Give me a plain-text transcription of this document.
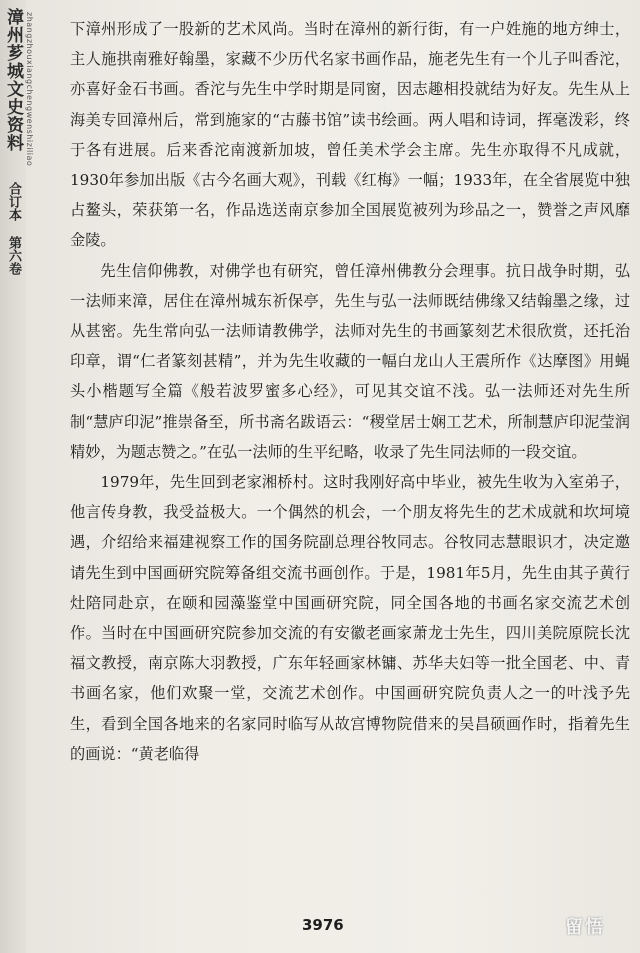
漳州芗城文史资料 zhangzhouxiangchengwenshiziliao
合订本 第六卷

下漳州形成了一股新的艺术风尚。当时在漳州的新行街，有一户姓施的地方绅士，主人施拱南雅好翰墨，家藏不少历代名家书画作品，施老先生有一个儿子叫香沱，亦喜好金石书画。香沱与先生中学时期是同窗，因志趣相投就结为好友。先生从上海美专回漳州后，常到施家的“古藤书馆”读书绘画。两人唱和诗词，挥毫泼彩，终于各有进展。后来香沱南渡新加坡，曾任美术学会主席。先生亦取得不凡成就，1930年参加出版《古今名画大观》，刊载《红梅》一幅；1933年，在全省展览中独占鳌头，荣获第一名，作品选送南京参加全国展览被列为珍品之一，赞誉之声风靡金陵。

先生信仰佛教，对佛学也有研究，曾任漳州佛教分会理事。抗日战争时期，弘一法师来漳，居住在漳州城东祈保亭，先生与弘一法师既结佛缘又结翰墨之缘，过从甚密。先生常向弘一法师请教佛学，法师对先生的书画篆刻艺术很欣赏，还托治印章，谓“仁者篆刻甚精”，并为先生收藏的一幅白龙山人王震所作《达摩图》用蝇头小楷题写全篇《般若波罗蜜多心经》，可见其交谊不浅。弘一法师还对先生所制“慧庐印泥”推崇备至，所书斋名跋语云：“稷堂居士娴工艺术，所制慧庐印泥莹润精妙，为题志赞之。”在弘一法师的生平纪略，收录了先生同法师的一段交谊。

1979年，先生回到老家湘桥村。这时我刚好高中毕业，被先生收为入室弟子，他言传身教，我受益极大。一个偶然的机会，一个朋友将先生的艺术成就和坎坷境遇，介绍给来福建视察工作的国务院副总理谷牧同志。谷牧同志慧眼识才，决定邀请先生到中国画研究院筹备组交流书画创作。于是，1981年5月，先生由其子黄行灶陪同赴京，在颐和园藻鉴堂中国画研究院，同全国各地的书画名家交流艺术创作。当时在中国画研究院参加交流的有安徽老画家萧龙士先生，四川美院原院长沈福文教授，南京陈大羽教授，广东年轻画家林镛、苏华夫妇等一批全国老、中、青书画名家，他们欢聚一堂，交流艺术创作。中国画研究院负责人之一的叶浅予先生，看到全国各地来的名家同时临写从故宫博物院借来的吴昌硕画作时，指着先生的画说：“黄老临得

3976	留悟
